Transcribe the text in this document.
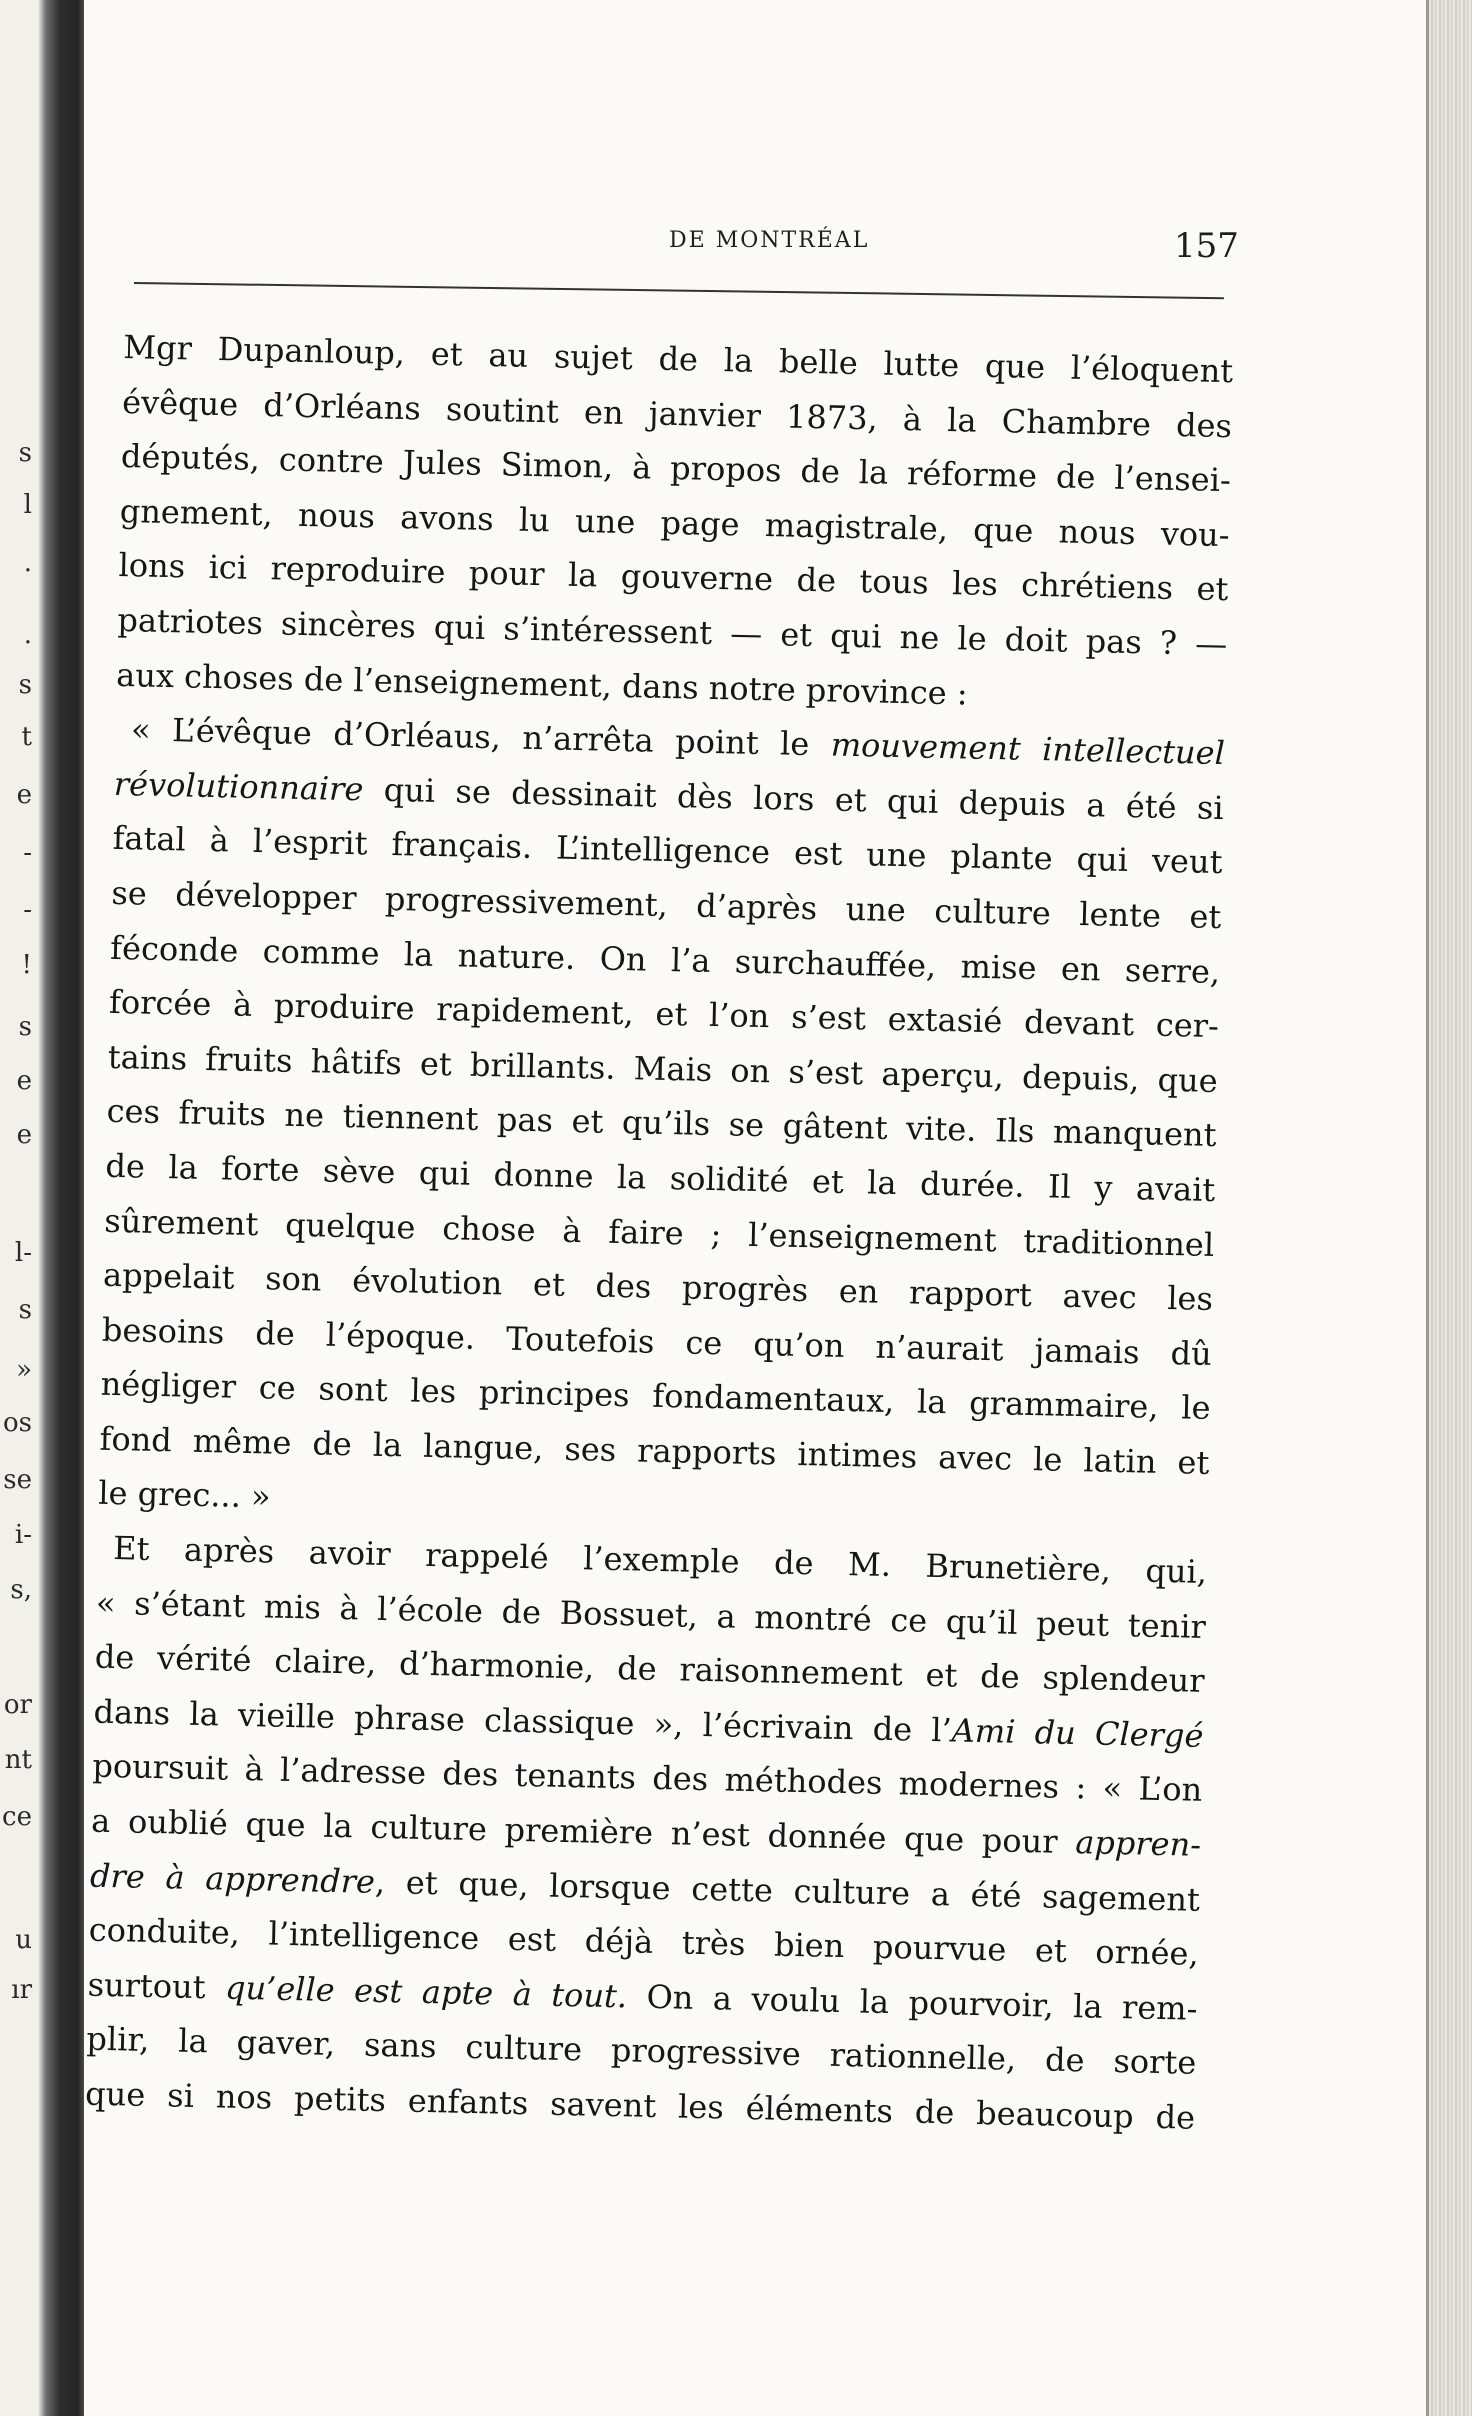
s
l
.
.
s
t
e
-
-
!
s
e
e
l-
s
»
os
se
i-
s,
or
nt
ce
u
ır
DE MONTRÉAL	157
Mgr Dupanloup, et au sujet de la belle lutte que l’éloquent
évêque d’Orléans soutint en janvier 1873, à la Chambre des
députés, contre Jules Simon, à propos de la réforme de l’ensei-
gnement, nous avons lu une page magistrale, que nous vou-
lons ici reproduire pour la gouverne de tous les chrétiens et
patriotes sincères qui s’intéressent — et qui ne le doit pas ? —
aux choses de l’enseignement, dans notre province :
« L’évêque d’Orléaus, n’arrêta point le mouvement intellectuel
révolutionnaire qui se dessinait dès lors et qui depuis a été si
fatal à l’esprit français. L’intelligence est une plante qui veut
se développer progressivement, d’après une culture lente et
féconde comme la nature. On l’a surchauffée, mise en serre,
forcée à produire rapidement, et l’on s’est extasié devant cer-
tains fruits hâtifs et brillants. Mais on s’est aperçu, depuis, que
ces fruits ne tiennent pas et qu’ils se gâtent vite. Ils manquent
de la forte sève qui donne la solidité et la durée. Il y avait
sûrement quelque chose à faire ; l’enseignement traditionnel
appelait son évolution et des progrès en rapport avec les
besoins de l’époque. Toutefois ce qu’on n’aurait jamais dû
négliger ce sont les principes fondamentaux, la grammaire, le
fond même de la langue, ses rapports intimes avec le latin et
le grec... »
Et après avoir rappelé l’exemple de M. Brunetière, qui,
« s’étant mis à l’école de Bossuet, a montré ce qu’il peut tenir
de vérité claire, d’harmonie, de raisonnement et de splendeur
dans la vieille phrase classique », l’écrivain de l’Ami du Clergé
poursuit à l’adresse des tenants des méthodes modernes : « L’on
a oublié que la culture première n’est donnée que pour appren-
dre à apprendre, et que, lorsque cette culture a été sagement
conduite, l’intelligence est déjà très bien pourvue et ornée,
surtout qu’elle est apte à tout. On a voulu la pourvoir, la rem-
plir, la gaver, sans culture progressive rationnelle, de sorte
que si nos petits enfants savent les éléments de beaucoup de
